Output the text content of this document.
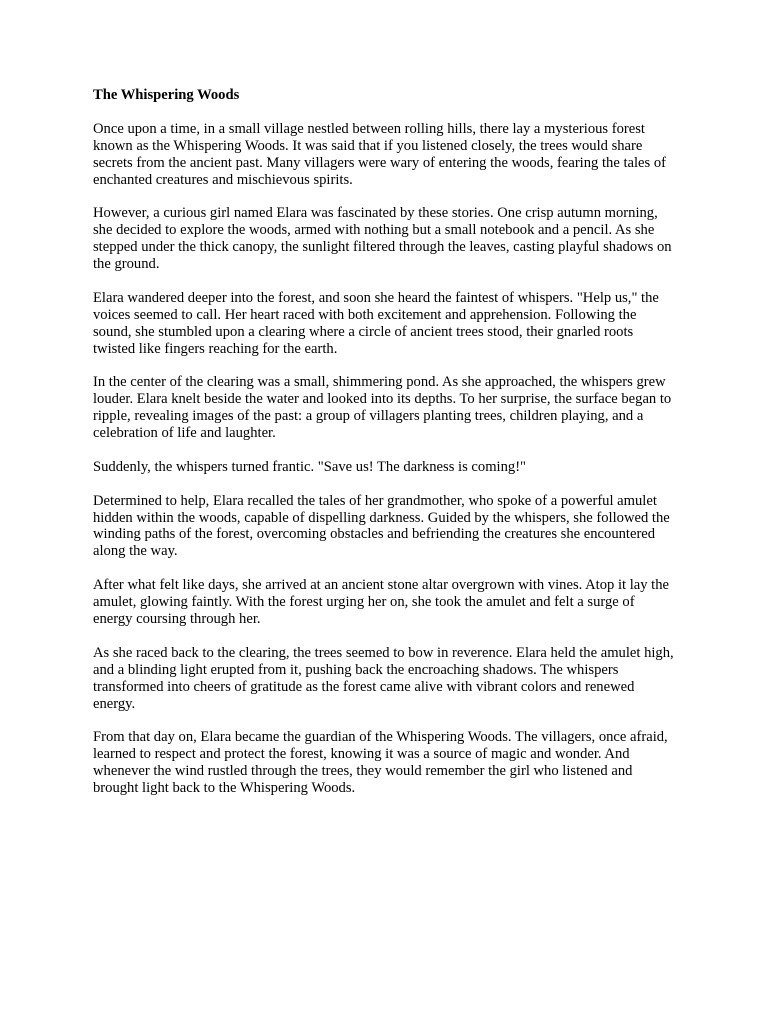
The Whispering Woods

Once upon a time, in a small village nestled between rolling hills, there lay a mysterious forest known as the Whispering Woods. It was said that if you listened closely, the trees would share secrets from the ancient past. Many villagers were wary of entering the woods, fearing the tales of enchanted creatures and mischievous spirits.

However, a curious girl named Elara was fascinated by these stories. One crisp autumn morning, she decided to explore the woods, armed with nothing but a small notebook and a pencil. As she stepped under the thick canopy, the sunlight filtered through the leaves, casting playful shadows on the ground.

Elara wandered deeper into the forest, and soon she heard the faintest of whispers. "Help us," the voices seemed to call. Her heart raced with both excitement and apprehension. Following the sound, she stumbled upon a clearing where a circle of ancient trees stood, their gnarled roots twisted like fingers reaching for the earth.

In the center of the clearing was a small, shimmering pond. As she approached, the whispers grew louder. Elara knelt beside the water and looked into its depths. To her surprise, the surface began to ripple, revealing images of the past: a group of villagers planting trees, children playing, and a celebration of life and laughter.

Suddenly, the whispers turned frantic. "Save us! The darkness is coming!"

Determined to help, Elara recalled the tales of her grandmother, who spoke of a powerful amulet hidden within the woods, capable of dispelling darkness. Guided by the whispers, she followed the winding paths of the forest, overcoming obstacles and befriending the creatures she encountered along the way.

After what felt like days, she arrived at an ancient stone altar overgrown with vines. Atop it lay the amulet, glowing faintly. With the forest urging her on, she took the amulet and felt a surge of energy coursing through her.

As she raced back to the clearing, the trees seemed to bow in reverence. Elara held the amulet high, and a blinding light erupted from it, pushing back the encroaching shadows. The whispers transformed into cheers of gratitude as the forest came alive with vibrant colors and renewed energy.

From that day on, Elara became the guardian of the Whispering Woods. The villagers, once afraid, learned to respect and protect the forest, knowing it was a source of magic and wonder. And whenever the wind rustled through the trees, they would remember the girl who listened and brought light back to the Whispering Woods.
